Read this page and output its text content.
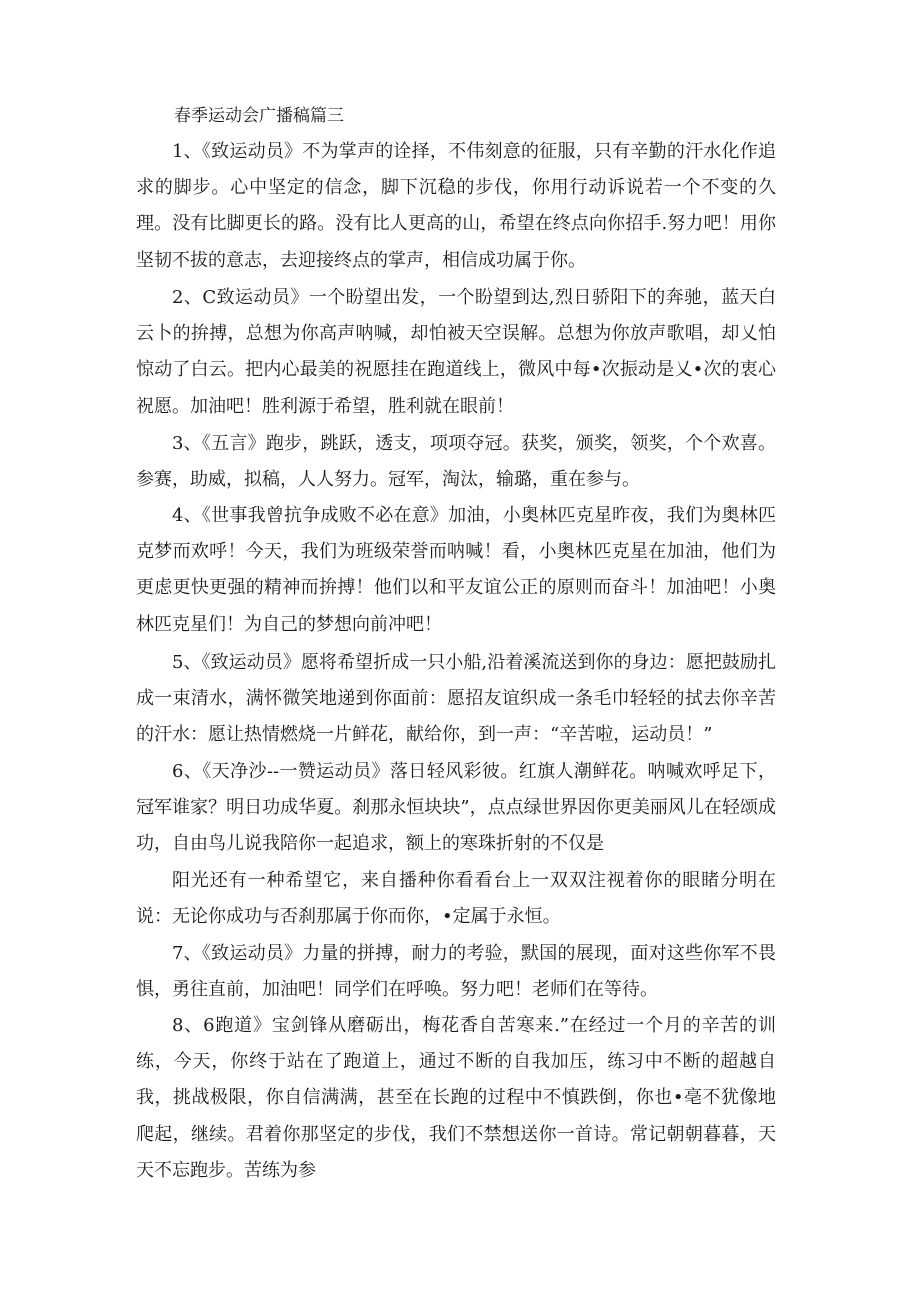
春季运动会广播稿篇三

1、《致运动员》不为掌声的诠择，不伟刻意的征服，只有辛勤的汗水化作追求的脚步。心中坚定的信念，脚下沉稳的步伐，你用行动诉说若一个不变的久理。没有比脚更长的路。没有比人更高的山，希望在终点向你招手.努力吧！用你坚韧不拔的意志，去迎接终点的掌声，相信成功属于你。

2、C致运动员》一个盼望出发，一个盼望到达,烈日骄阳下的奔驰，蓝天白云卜的拚搏，总想为你高声呐喊，却怕被天空误解。总想为你放声歌唱，却乂怕惊动了白云。把内心最美的祝愿挂在跑道线上，微风中每•次振动是乂•次的衷心祝愿。加油吧！胜利源于希望，胜利就在眼前！

3、《五言》跑步，跳跃，透支，项项夺冠。获奖，颁奖，领奖，个个欢喜。参赛，助威，拟稿，人人努力。冠军，淘汰，输璐，重在参与。

4、《世事我曾抗争成败不必在意》加油，小奥林匹克星昨夜，我们为奥林匹克梦而欢呼！今天，我们为班级荣誉而呐喊！看，小奥林匹克星在加油，他们为更虑更快更强的精神而拚搏！他们以和平友谊公正的原则而奋斗！加油吧！小奥林匹克星们！为自己的梦想向前冲吧！

5、《致运动员》愿将希望折成一只小船,沿着溪流送到你的身边：愿把鼓励扎成一束清水，满怀微笑地递到你面前：愿招友谊织成一条毛巾轻轻的拭去你辛苦的汗水：愿让热情燃烧一片鲜花，献给你，到一声：“辛苦啦，运动员！”

6、《天净沙--一赞运动员》落日轻风彩彼。红旗人潮鲜花。呐喊欢呼足下，冠军谁家？明日功成华夏。刹那永恒块块”，点点绿世界因你更美丽风儿在轻颂成功，自由鸟儿说我陪你一起追求，额上的寒珠折射的不仅是

阳光还有一种希望它，来自播种你看看台上一双双注视着你的眼睹分明在说：无论你成功与否刹那属于你而你，•定属于永恒。

7、《致运动员》力量的拼搏，耐力的考验，默国的展现，面对这些你军不畏惧，勇往直前，加油吧！同学们在呼唤。努力吧！老师们在等待。

8、6跑道》宝剑锋从磨砺出，梅花香自苦寒来.”在经过一个月的辛苦的训练，今天，你终于站在了跑道上，通过不断的自我加压，练习中不断的超越自我，挑战极限，你自信满满，甚至在长跑的过程中不慎跌倒，你也•亳不犹像地爬起，继续。君着你那坚定的步伐，我们不禁想送你一首诗。常记朝朝暮暮，天天不忘跑步。苦练为参
